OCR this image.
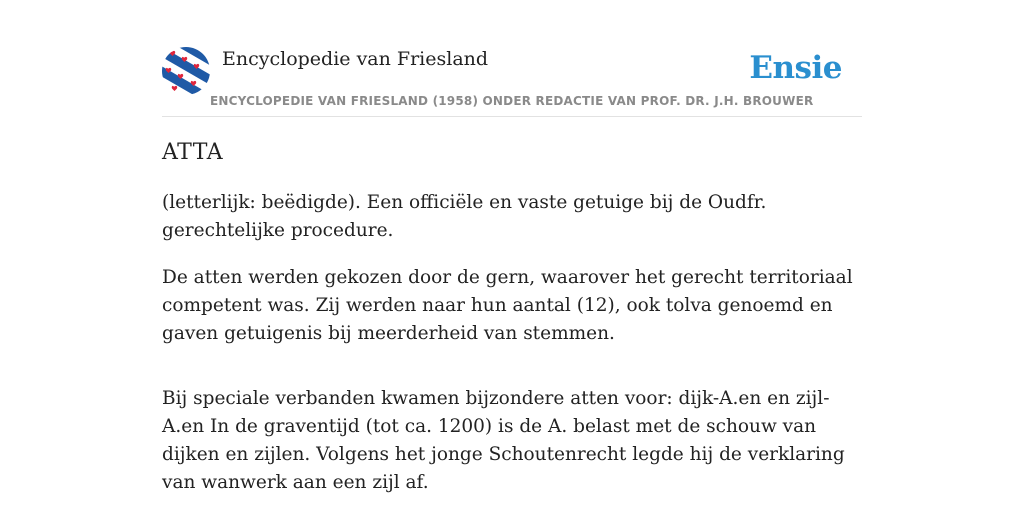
Encyclopedie van Friesland
ENCYCLOPEDIE VAN FRIESLAND (1958) ONDER REDACTIE VAN PROF. DR. J.H. BROUWER
Ensie
ATTA

(letterlijk: beëdigde). Een officiële en vaste getuige bij de Oudfr. gerechtelijke procedure.

De atten werden gekozen door de gern, waarover het gerecht territoriaal competent was. Zij werden naar hun aantal (12), ook tolva genoemd en gaven getuigenis bij meerderheid van stemmen.

Bij speciale verbanden kwamen bijzondere atten voor: dijk-A.en en zijl-A.en In de graventijd (tot ca. 1200) is de A. belast met de schouw van dijken en zijlen. Volgens het jonge Schoutenrecht legde hij de verklaring van wanwerk aan een zijl af.
